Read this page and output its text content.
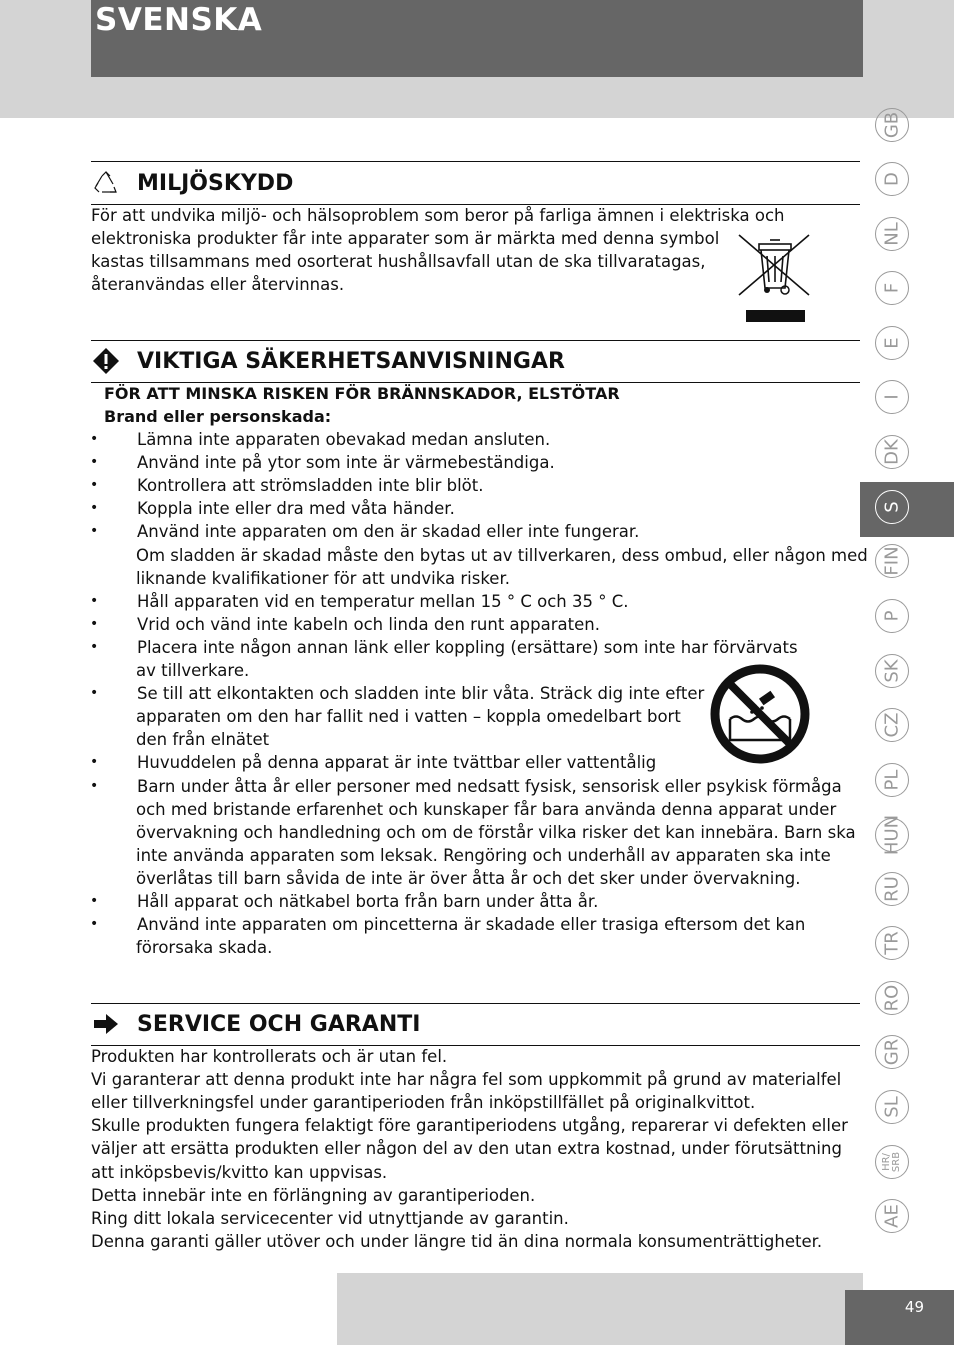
SVENSKA
GB
D
NL
F
E
I
DK
S
FIN
P
SK
CZ
PL
HUN
RU
TR
RO
GR
SL
HR/
SRB
AE
MILJÖSKYDD
För att undvika miljö- och hälsoproblem som beror på farliga ämnen i elektriska och
elektroniska produkter får inte apparater som är märkta med denna symbol
kastas tillsammans med osorterat hushållsavfall utan de ska tillvaratagas,
återanvändas eller återvinnas.
VIKTIGA SÄKERHETSANVISNINGAR
FÖR ATT MINSKA RISKEN FÖR BRÄNNSKADOR, ELSTÖTAR
Brand eller personskada:
• Lämna inte apparaten obevakad medan ansluten.
• Använd inte på ytor som inte är värmebeständiga.
• Kontrollera att strömsladden inte blir blöt.
• Koppla inte eller dra med våta händer.
• Använd inte apparaten om den är skadad eller inte fungerar.
Om sladden är skadad måste den bytas ut av tillverkaren, dess ombud, eller någon med
liknande kvalifikationer för att undvika risker.
• Håll apparaten vid en temperatur mellan 15 ° C och 35 ° C.
• Vrid och vänd inte kabeln och linda den runt apparaten.
• Placera inte någon annan länk eller koppling (ersättare) som inte har förvärvats
av tillverkare.
• Se till att elkontakten och sladden inte blir våta. Sträck dig inte efter
apparaten om den har fallit ned i vatten – koppla omedelbart bort
den från elnätet
• Huvuddelen på denna apparat är inte tvättbar eller vattentålig
• Barn under åtta år eller personer med nedsatt fysisk, sensorisk eller psykisk förmåga
och med bristande erfarenhet och kunskaper får bara använda denna apparat under
övervakning och handledning och om de förstår vilka risker det kan innebära. Barn ska
inte använda apparaten som leksak. Rengöring och underhåll av apparaten ska inte
överlåtas till barn såvida de inte är över åtta år och det sker under övervakning.
• Håll apparat och nätkabel borta från barn under åtta år.
• Använd inte apparaten om pincetterna är skadade eller trasiga eftersom det kan
förorsaka skada.
SERVICE OCH GARANTI
Produkten har kontrollerats och är utan fel.
Vi garanterar att denna produkt inte har några fel som uppkommit på grund av materialfel
eller tillverkningsfel under garantiperioden från inköpstillfället på originalkvittot.
Skulle produkten fungera felaktigt före garantiperiodens utgång, reparerar vi defekten eller
väljer att ersätta produkten eller någon del av den utan extra kostnad, under förutsättning
att inköpsbevis/kvitto kan uppvisas.
Detta innebär inte en förlängning av garantiperioden.
Ring ditt lokala servicecenter vid utnyttjande av garantin.
Denna garanti gäller utöver och under längre tid än dina normala konsumenträttigheter.
49
